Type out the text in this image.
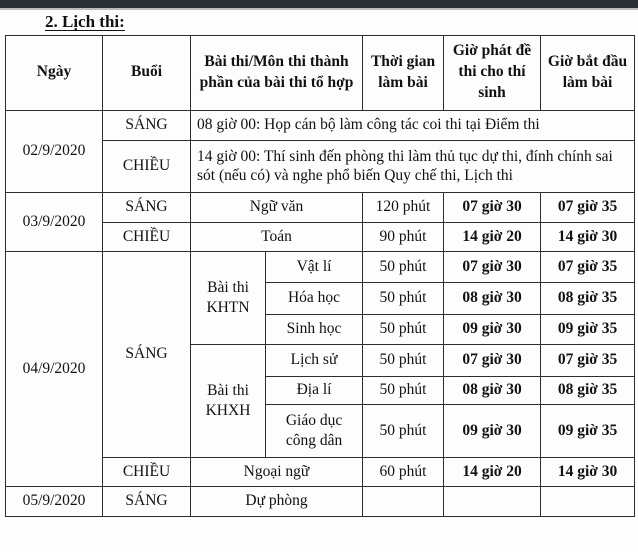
2. Lịch thi:
Ngày	Buổi	Bài thi/Môn thi thành phần của bài thi tổ hợp		Thời gian làm bài	Giờ phát đề thi cho thí sinh	Giờ bắt đầu làm bài
02/9/2020	SÁNG	08 giờ 00: Họp cán bộ làm công tác coi thi tại Điểm thi				
	CHIỀU	14 giờ 00: Thí sinh đến phòng thi làm thủ tục dự thi, đính chính sai sót (nếu có) và nghe phổ biến Quy chế thi, Lịch thi				
03/9/2020	SÁNG	Ngữ văn		120 phút	07 giờ 30	07 giờ 35
	CHIỀU	Toán		90 phút	14 giờ 20	14 giờ 30
04/9/2020	SÁNG	Bài thi KHTN	Vật lí	50 phút	07 giờ 30	07 giờ 35
			Hóa học	50 phút	08 giờ 30	08 giờ 35
			Sinh học	50 phút	09 giờ 30	09 giờ 35
		Bài thi KHXH	Lịch sử	50 phút	07 giờ 30	07 giờ 35
			Địa lí	50 phút	08 giờ 30	08 giờ 35
			Giáo dục công dân	50 phút	09 giờ 30	09 giờ 35
	CHIỀU	Ngoại ngữ		60 phút	14 giờ 20	14 giờ 30
05/9/2020	SÁNG	Dự phòng				
